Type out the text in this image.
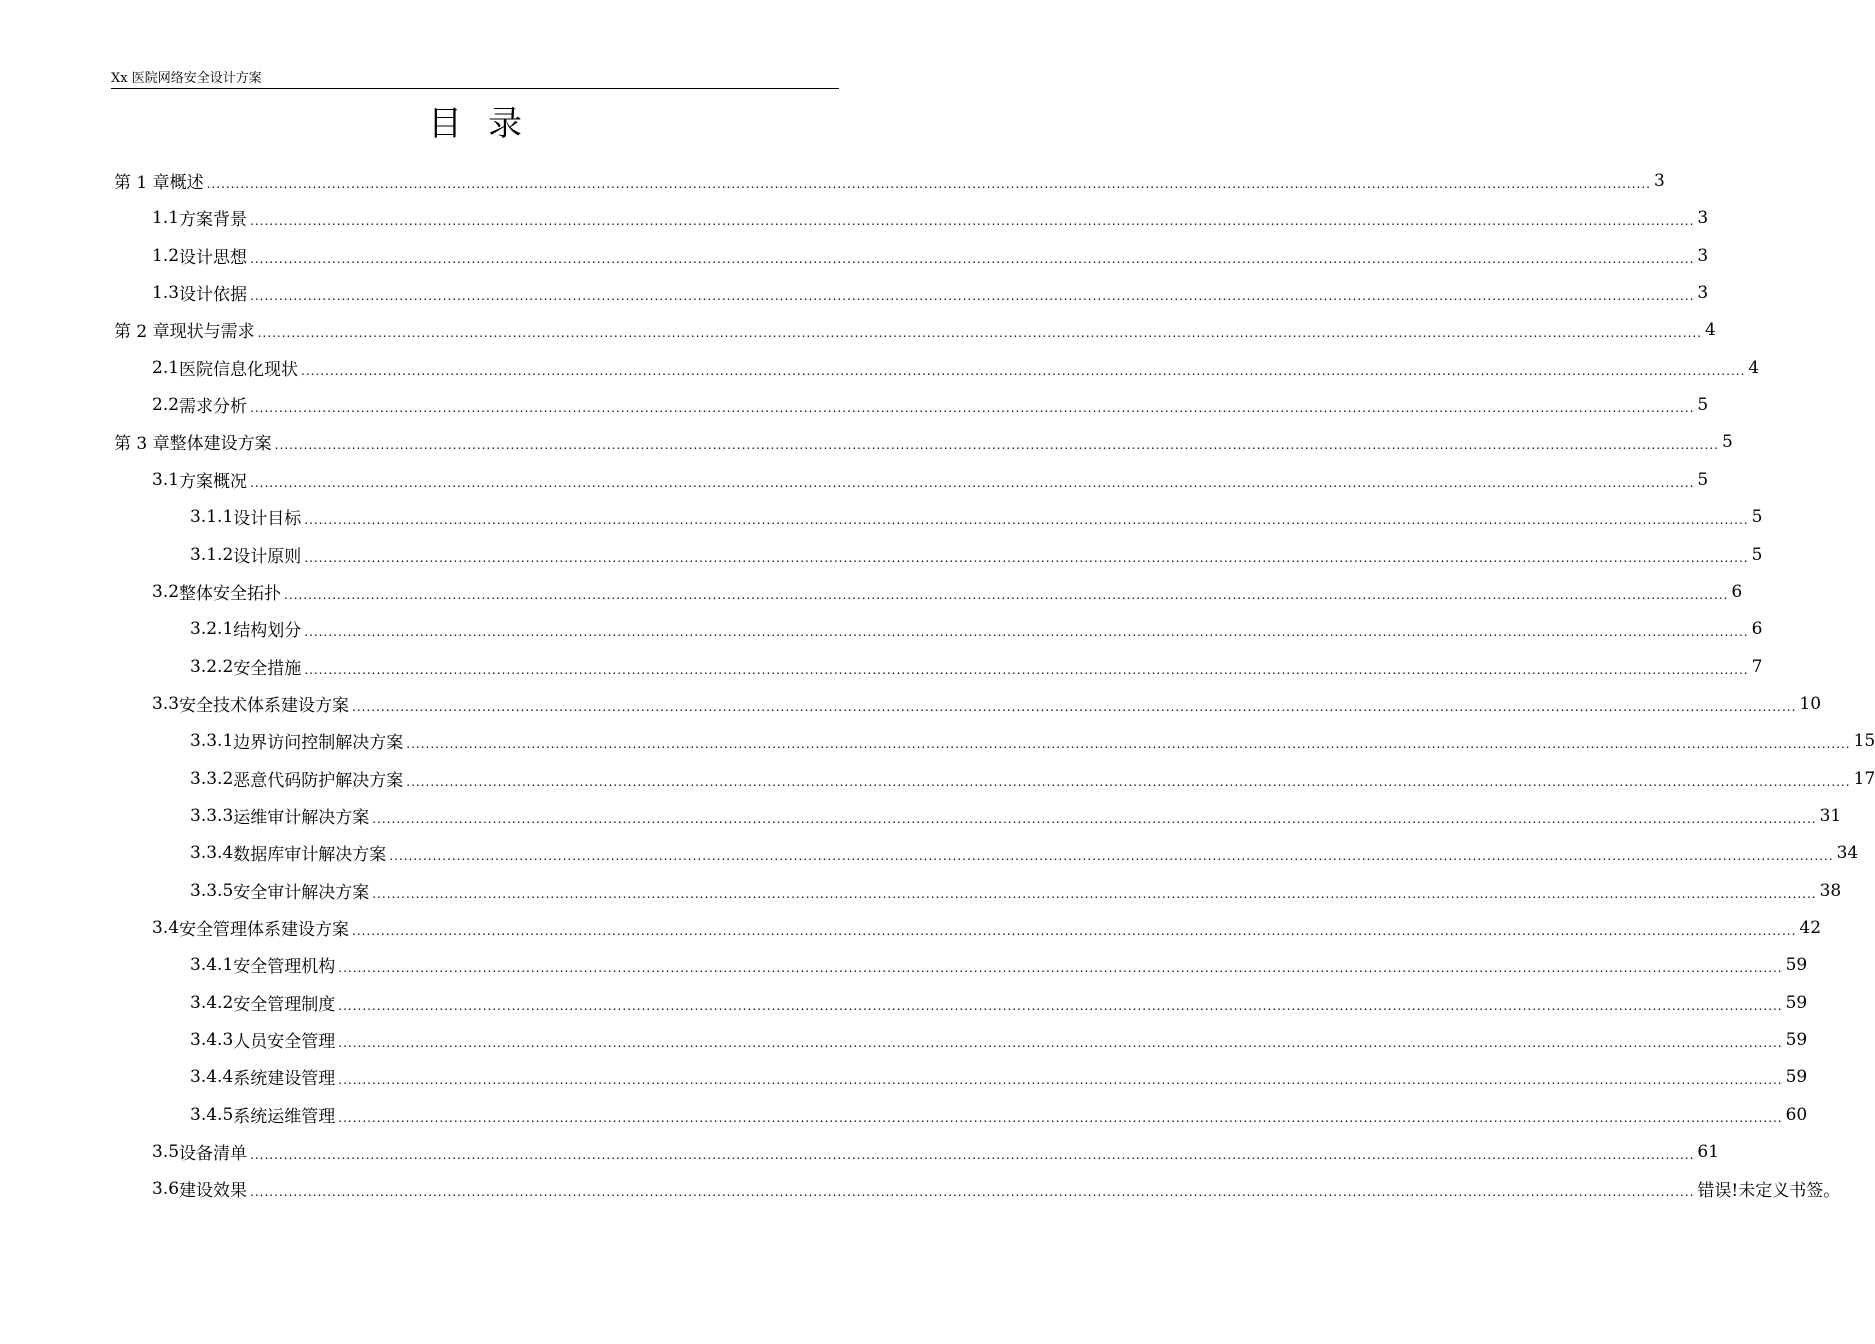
Xx 医院网络安全设计方案
目录
第 1 章 概述 ............................................................................................................................................................................................................................................................................................................ 3
1.1 方案背景 ............................................................................................................................................................................................................................................................................................................ 3
1.2 设计思想 ............................................................................................................................................................................................................................................................................................................ 3
1.3 设计依据 ............................................................................................................................................................................................................................................................................................................ 3
第 2 章 现状与需求 ............................................................................................................................................................................................................................................................................................................ 4
2.1 医院信息化现状 ............................................................................................................................................................................................................................................................................................................ 4
2.2 需求分析 ............................................................................................................................................................................................................................................................................................................ 5
第 3 章 整体建设方案 ............................................................................................................................................................................................................................................................................................................ 5
3.1 方案概况 ............................................................................................................................................................................................................................................................................................................ 5
3.1.1 设计目标 ............................................................................................................................................................................................................................................................................................................ 5
3.1.2 设计原则 ............................................................................................................................................................................................................................................................................................................ 5
3.2 整体安全拓扑 ............................................................................................................................................................................................................................................................................................................ 6
3.2.1 结构划分 ............................................................................................................................................................................................................................................................................................................ 6
3.2.2 安全措施 ............................................................................................................................................................................................................................................................................................................ 7
3.3 安全技术体系建设方案 ............................................................................................................................................................................................................................................................................................................ 10
3.3.1 边界访问控制解决方案 ............................................................................................................................................................................................................................................................................................................ 15
3.3.2 恶意代码防护解决方案 ............................................................................................................................................................................................................................................................................................................ 17
3.3.3 运维审计解决方案 ............................................................................................................................................................................................................................................................................................................ 31
3.3.4 数据库审计解决方案 ............................................................................................................................................................................................................................................................................................................ 34
3.3.5 安全审计解决方案 ............................................................................................................................................................................................................................................................................................................ 38
3.4 安全管理体系建设方案 ............................................................................................................................................................................................................................................................................................................ 42
3.4.1 安全管理机构 ............................................................................................................................................................................................................................................................................................................ 59
3.4.2 安全管理制度 ............................................................................................................................................................................................................................................................................................................ 59
3.4.3 人员安全管理 ............................................................................................................................................................................................................................................................................................................ 59
3.4.4 系统建设管理 ............................................................................................................................................................................................................................................................................................................ 59
3.4.5 系统运维管理 ............................................................................................................................................................................................................................................................................................................ 60
3.5 设备清单 ............................................................................................................................................................................................................................................................................................................ 61
3.6 建设效果 ............................................................................................................................................................................................................................................................................................................ 错误!未定义书签。
